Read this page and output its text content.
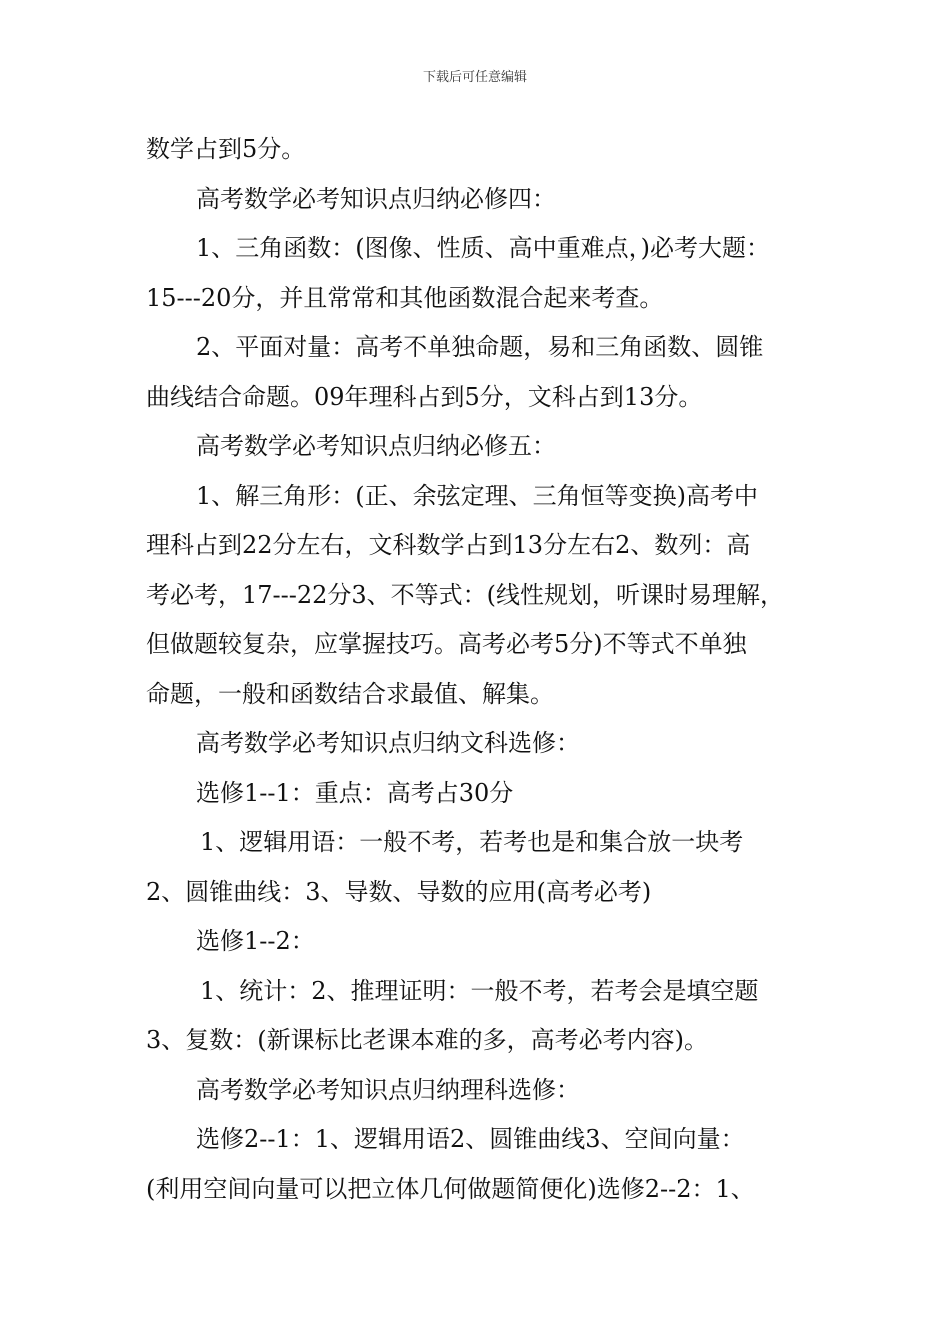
下载后可任意编辑
数学占到5分。
高考数学必考知识点归纳必修四：
1、三角函数：(图像、性质、高中重难点，)必考大题：
15---20分，并且常常和其他函数混合起来考查。
2、平面对量：高考不单独命题，易和三角函数、圆锥
曲线结合命题。09年理科占到5分，文科占到13分。
高考数学必考知识点归纳必修五：
1、解三角形：(正、余弦定理、三角恒等变换)高考中
理科占到22分左右，文科数学占到13分左右2、数列：高
考必考，17---22分3、不等式：(线性规划，听课时易理解，
但做题较复杂，应掌握技巧。高考必考5分)不等式不单独
命题，一般和函数结合求最值、解集。
高考数学必考知识点归纳文科选修：
选修1--1：重点：高考占30分
1、逻辑用语：一般不考，若考也是和集合放一块考
2、圆锥曲线：3、导数、导数的应用(高考必考)
选修1--2：
1、统计：2、推理证明：一般不考，若考会是填空题
3、复数：(新课标比老课本难的多，高考必考内容)。
高考数学必考知识点归纳理科选修：
选修2--1：1、逻辑用语2、圆锥曲线3、空间向量：
(利用空间向量可以把立体几何做题简便化)选修2--2：1、
